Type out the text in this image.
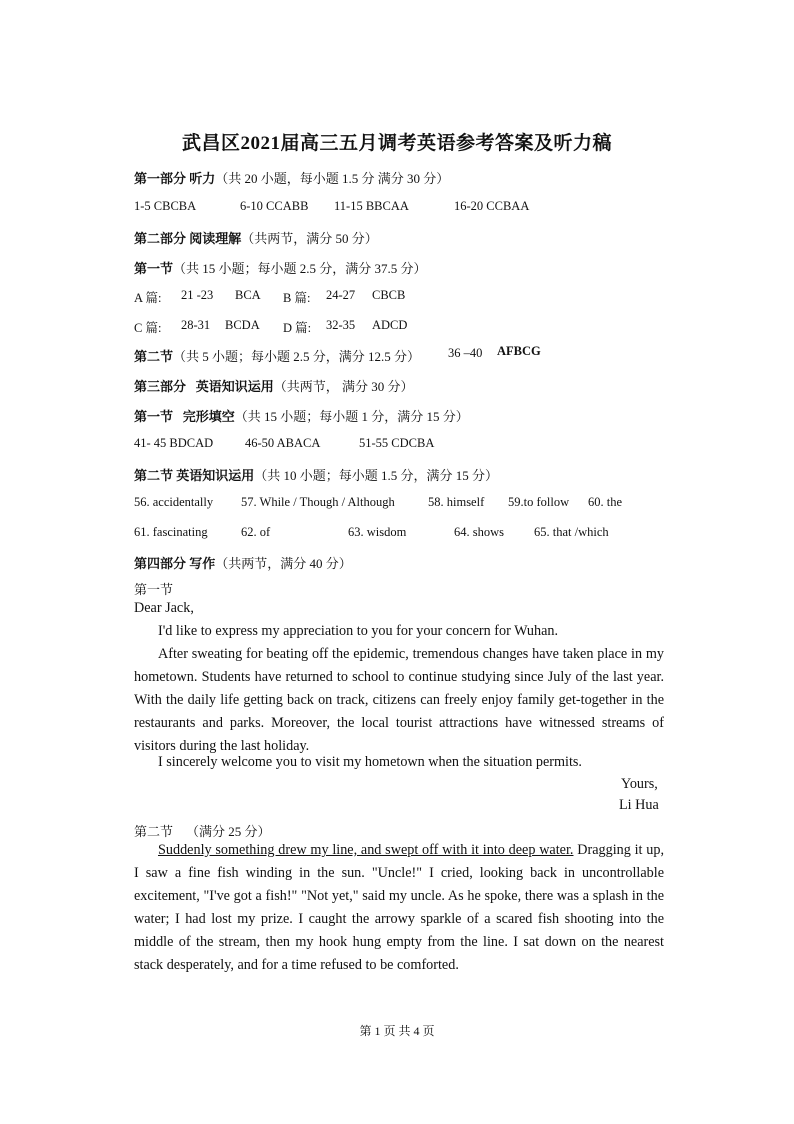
武昌区2021届高三五月调考英语参考答案及听力稿
第一部分 听力（共 20 小题，每小题 1.5 分 满分 30 分）
1-5 CBCBA	6-10 CCABB 11-15 BBCAA	16-20 CCBAA
第二部分 阅读理解（共两节，满分 50 分）
第一节（共 15 小题；每小题 2.5 分，满分 37.5 分）
A 篇: 21 -23 BCA B 篇: 24-27 CBCB
C 篇: 28-31 BCDA D 篇: 32-35 ADCD
第二节（共 5 小题；每小题 2.5 分，满分 12.5 分） 36 –40 AFBCG
第三部分 英语知识运用（共两节， 满分 30 分）
第一节 完形填空（共 15 小题；每小题 1 分，满分 15 分）
41- 45 BDCAD	46-50 ABACA	51-55 CDCBA
第二节 英语知识运用（共 10 小题；每小题 1.5 分，满分 15 分）
56. accidentally 57. While / Though / Although	58. himself 59.to follow 60. the
61. fascinating	62. of	63. wisdom	64. shows 65. that /which
第四部分 写作（共两节，满分 40 分）
第一节
Dear Jack,
I'd like to express my appreciation to you for your concern for Wuhan.
After sweating for beating off the epidemic, tremendous changes have taken place in my hometown. Students have returned to school to continue studying since July of the last year. With the daily life getting back on track, citizens can freely enjoy family get-together in the restaurants and parks. Moreover, the local tourist attractions have witnessed streams of visitors during the last holiday.
I sincerely welcome you to visit my hometown when the situation permits.
Yours,
Li Hua
第二节 （满分 25 分）
Suddenly something drew my line, and swept off with it into deep water. Dragging it up, I saw a fine fish winding in the sun. "Uncle!" I cried, looking back in uncontrollable excitement, "I've got a fish!" "Not yet," said my uncle. As he spoke, there was a splash in the water; I had lost my prize. I caught the arrowy sparkle of a scared fish shooting into the middle of the stream, then my hook hung empty from the line. I sat down on the nearest stack desperately, and for a time refused to be comforted.
第 1 页 共 4 页
